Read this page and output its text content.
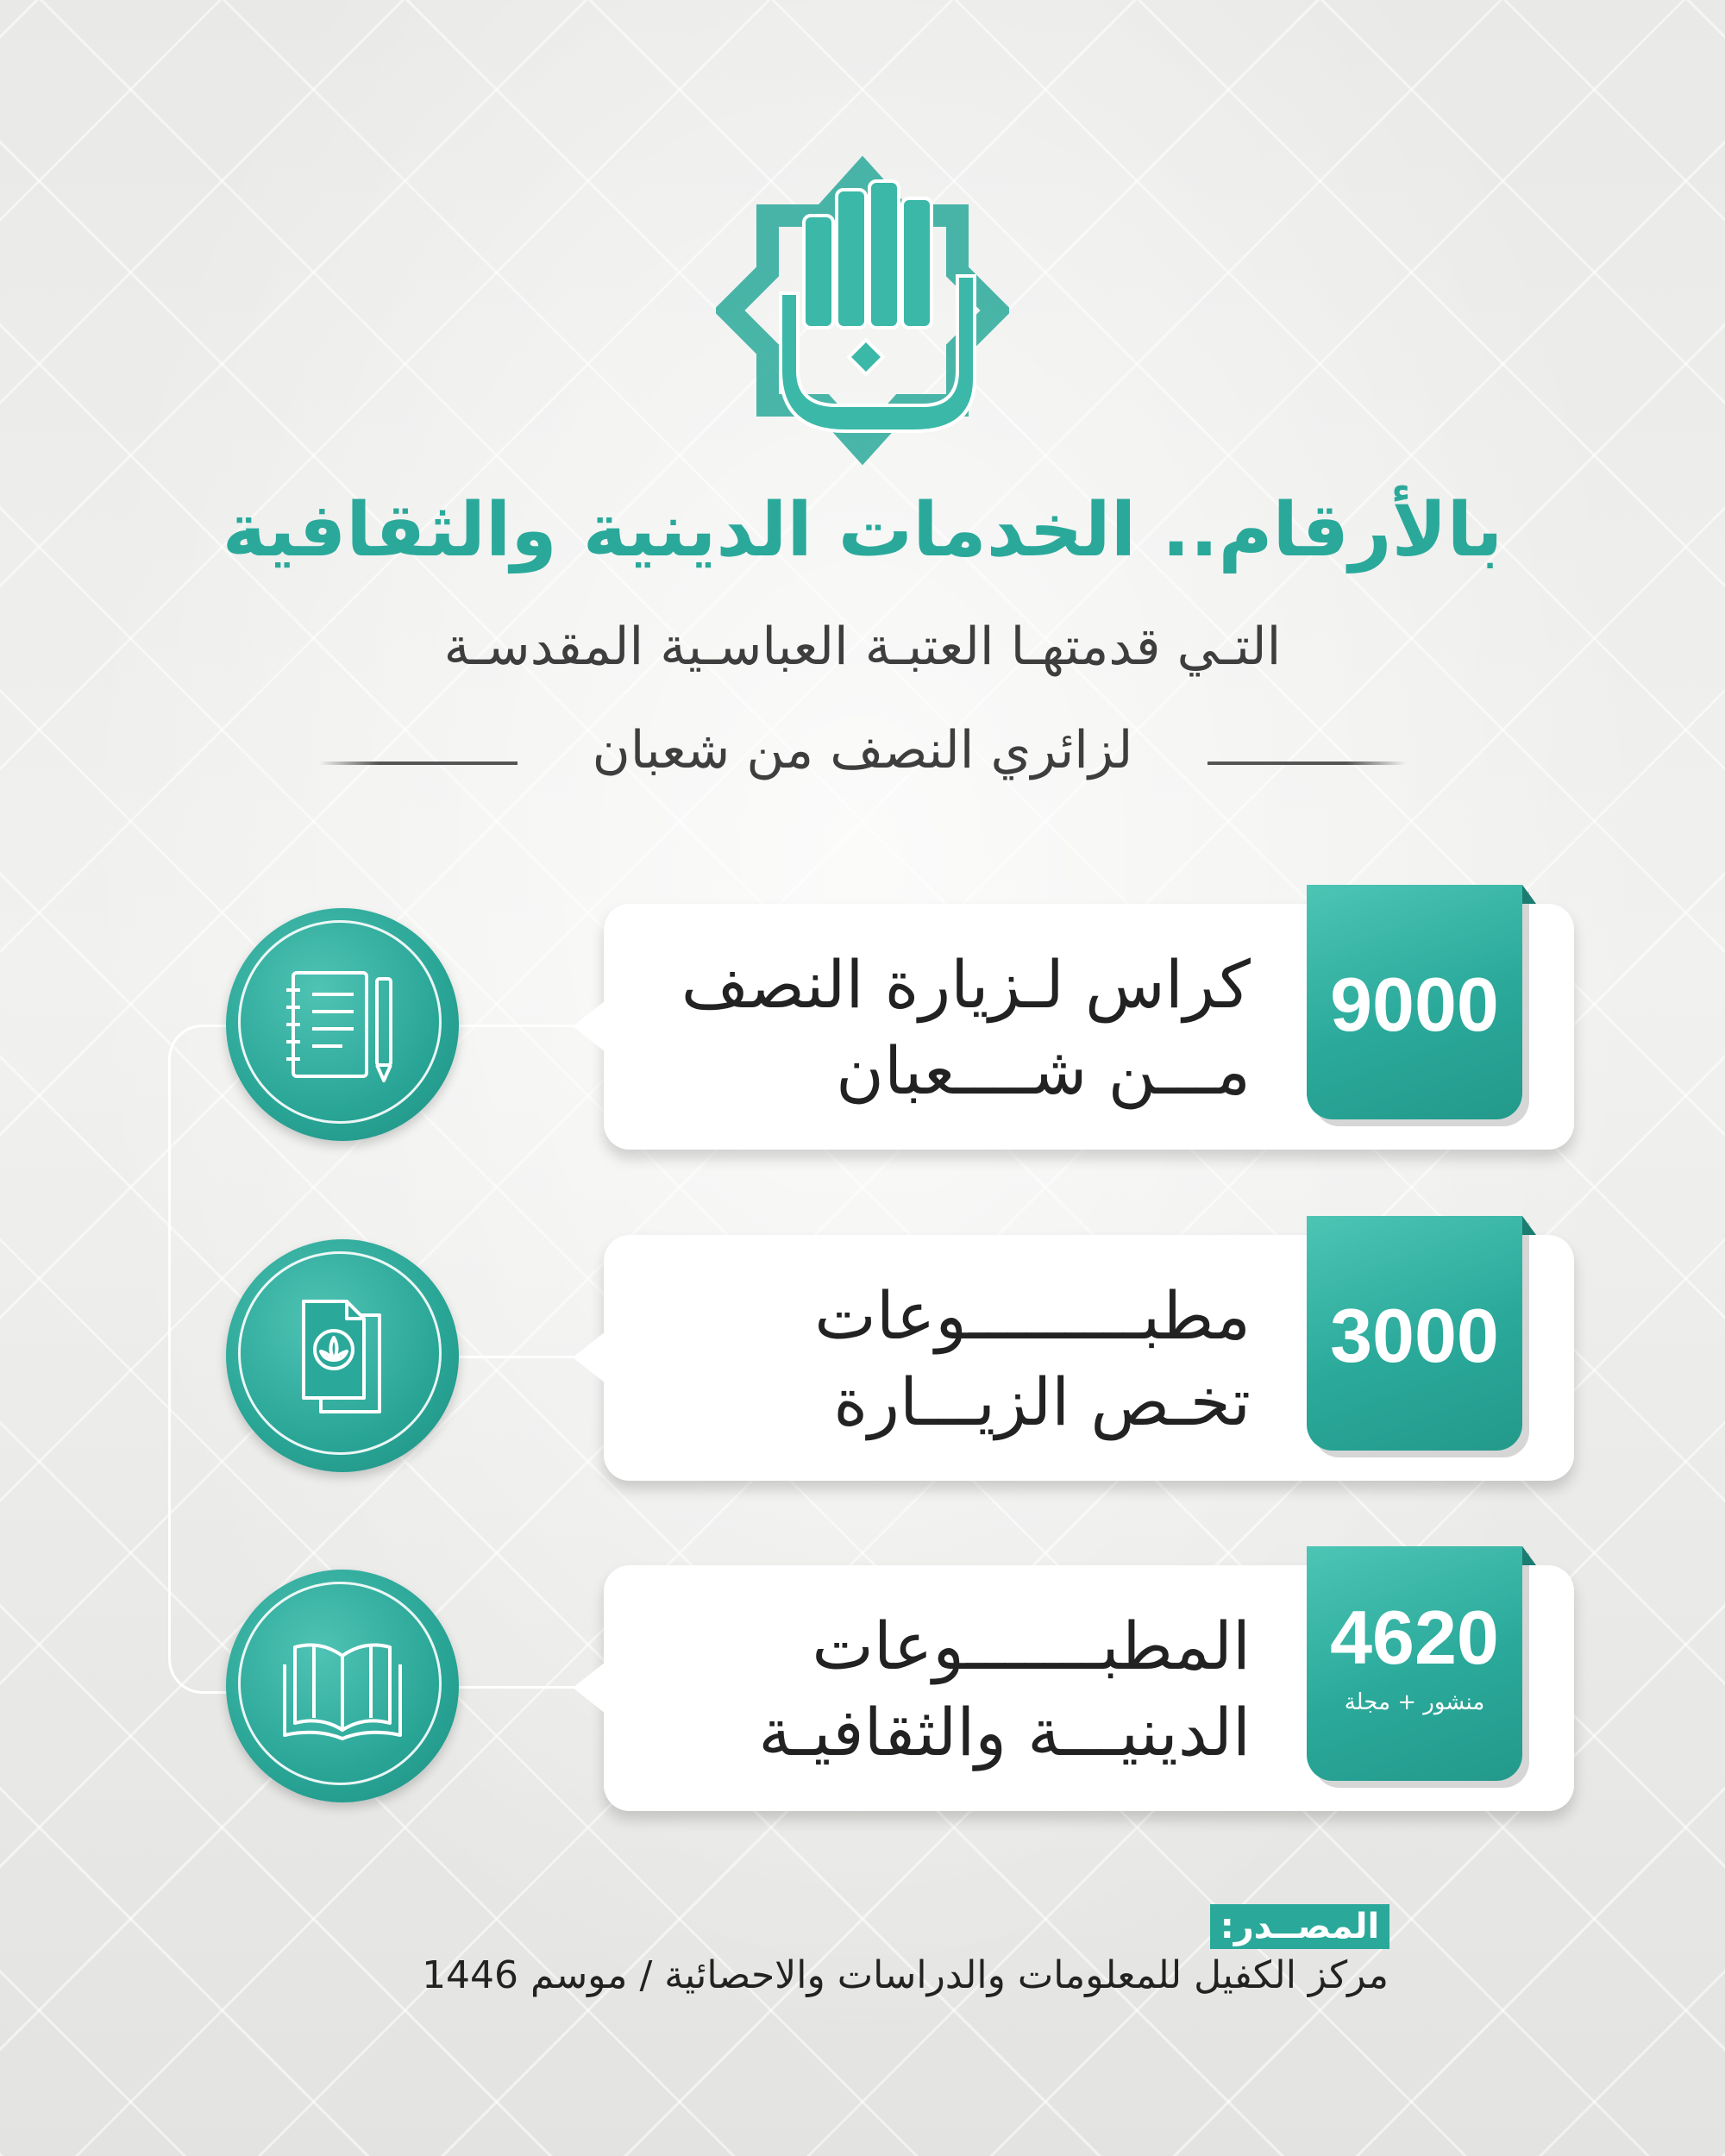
بالأرقام.. الخدمات الدينية والثقافية
التـي قدمتهـا العتبـة العباسـية المقدسـة
لزائري النصف من شعبان
كراس لـزيارة النصف
مـــن شــــعبان
9000
مطبـــــــــوعات
تخـص الزيـــارة
3000
المطبـــــــوعات
الدينيـــة والثقافيـة
4620
منشور + مجلة
المصــدر:
مركز الكفيل للمعلومات والدراسات والاحصائية / موسم 1446
